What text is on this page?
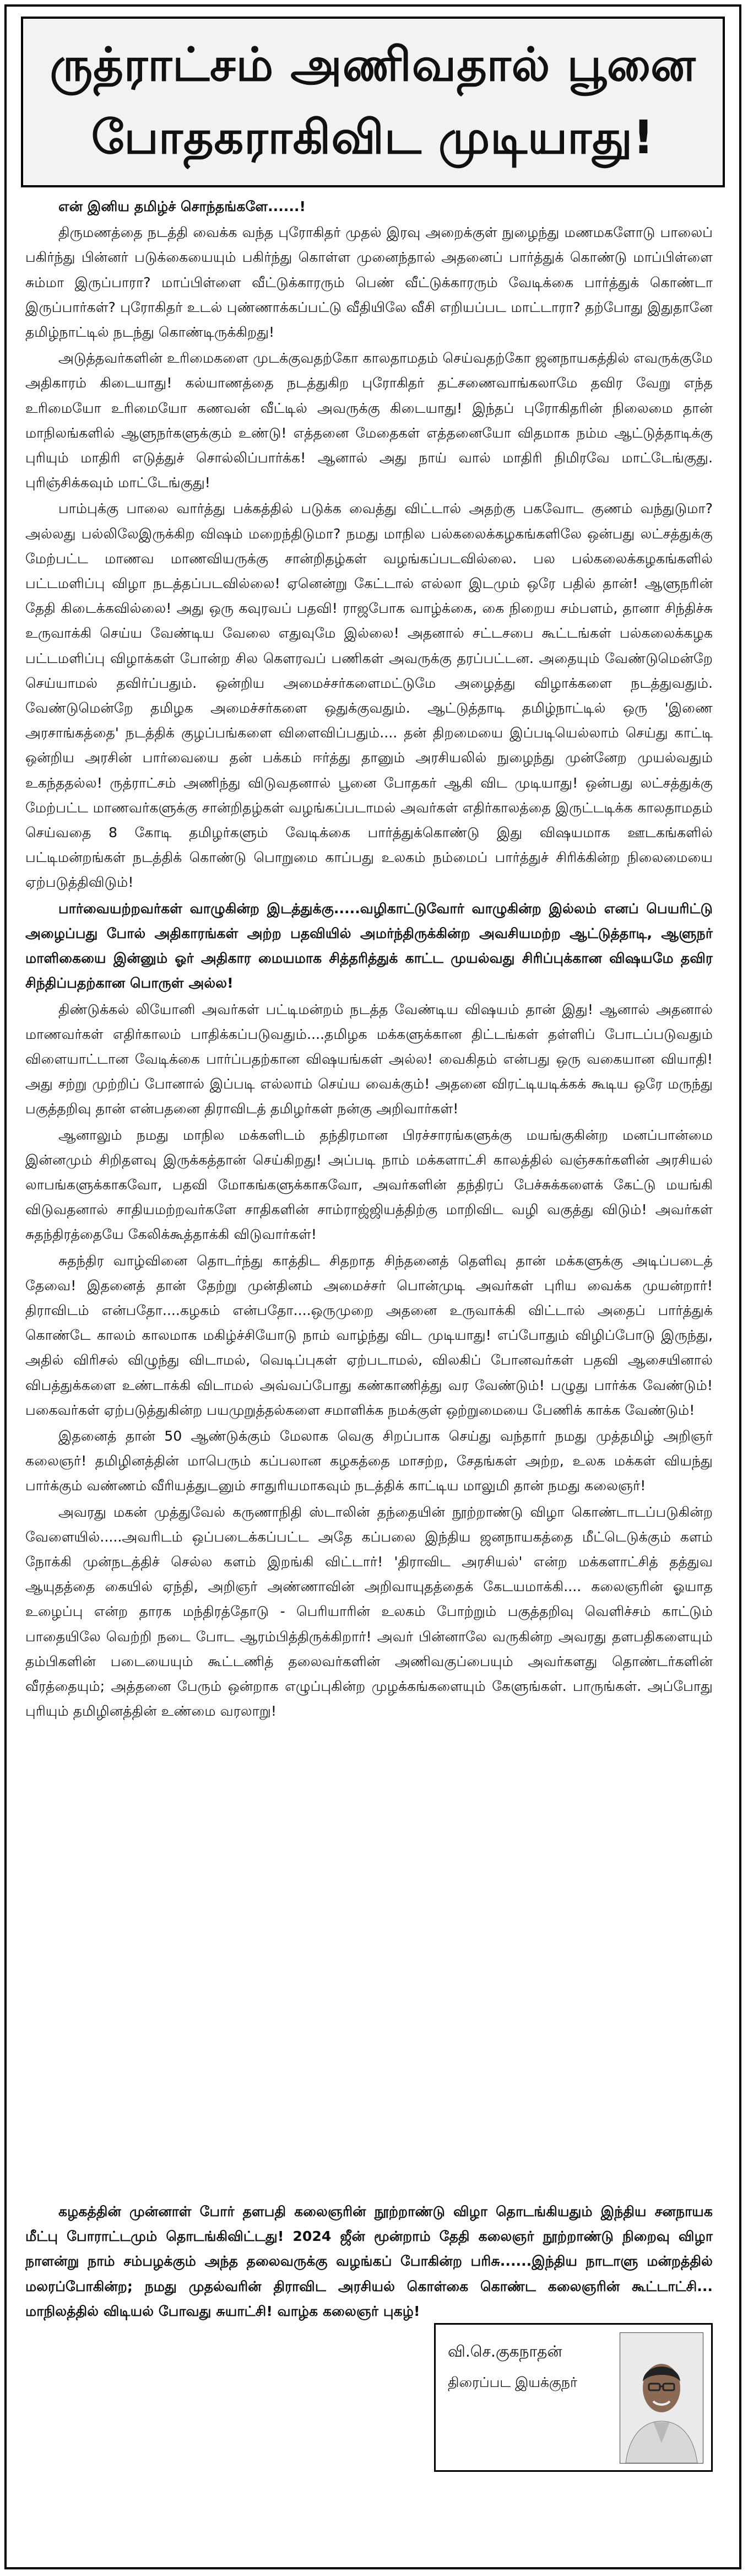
ருத்ராட்சம் அணிவதால் பூனை
போதகராகிவிட முடியாது!

என் இனிய தமிழ்ச் சொந்தங்களே......!

திருமணத்தை நடத்தி வைக்க வந்த புரோகிதர் முதல் இரவு அறைக்குள் நுழைந்து மணமகளோடு பாலைப் பகிர்ந்து பின்னர் படுக்கையையும் பகிர்ந்து கொள்ள முனைந்தால் அதனைப் பார்த்துக் கொண்டு மாப்பிள்ளை சும்மா இருப்பாரா? மாப்பிள்ளை வீட்டுக்காரரும் பெண் வீட்டுக்காரரும் வேடிக்கை பார்த்துக் கொண்டா இருப்பார்கள்? புரோகிதர் உடல் புண்ணாக்கப்பட்டு வீதியிலே வீசி எறியப்பட மாட்டாரா? தற்போது இதுதானே தமிழ்நாட்டில் நடந்து கொண்டிருக்கிறது!

அடுத்தவர்களின் உரிமைகளை முடக்குவதற்கோ காலதாமதம் செய்வதற்கோ ஜனநாயகத்தில் எவருக்குமே அதிகாரம் கிடையாது! கல்யாணத்தை நடத்துகிற புரோகிதர் தட்சணைவாங்கலாமே தவிர வேறு எந்த உரிமையோ உரிமையோ கணவன் வீட்டில் அவருக்கு கிடையாது! இந்தப் புரோகிதரின் நிலைமை தான் மாநிலங்களில் ஆளுநர்களுக்கும் உண்டு! எத்தனை மேதைகள் எத்தனையோ விதமாக நம்ம ஆட்டுத்தாடிக்கு புரியும் மாதிரி எடுத்துச் சொல்லிப்பார்க்க! ஆனால் அது நாய் வால் மாதிரி நிமிரவே மாட்டேங்குது. புரிஞ்சிக்கவும் மாட்டேங்குது!

பாம்புக்கு பாலை வார்த்து பக்கத்தில் படுக்க வைத்து விட்டால் அதற்கு பகவோட குணம் வந்துடுமா? அல்லது பல்லிலேஇருக்கிற விஷம் மறைந்திடுமா? நமது மாநில பல்கலைக்கழகங்களிலே ஒன்பது லட்சத்துக்கு மேற்பட்ட மாணவ மாணவியருக்கு சான்றிதழ்கள் வழங்கப்படவில்லை. பல பல்கலைக்கழகங்களில் பட்டமளிப்பு விழா நடத்தப்படவில்லை! ஏனென்று கேட்டால் எல்லா இடமும் ஒரே பதில் தான்! ஆளுநரின் தேதி கிடைக்கவில்லை! அது ஒரு கவுரவப் பதவி! ராஜபோக வாழ்க்கை, கை நிறைய சம்பளம், தானா சிந்திச்சு உருவாக்கி செய்ய வேண்டிய வேலை எதுவுமே இல்லை! அதனால் சட்டசபை கூட்டங்கள் பல்கலைக்கழக பட்டமளிப்பு விழாக்கள் போன்ற சில கௌரவப் பணிகள் அவருக்கு தரப்பட்டன. அதையும் வேண்டுமென்றே செய்யாமல் தவிர்ப்பதும். ஒன்றிய அமைச்சர்களைமட்டுமே அழைத்து விழாக்களை நடத்துவதும். வேண்டுமென்றே தமிழக அமைச்சர்களை ஒதுக்குவதும். ஆட்டுத்தாடி தமிழ்நாட்டில் ஒரு 'இணை அரசாங்கத்தை' நடத்திக் குழப்பங்களை விளைவிப்பதும்.... தன் திறமையை இப்படியெல்லாம் செய்து காட்டி ஒன்றிய அரசின் பார்வையை தன் பக்கம் ஈர்த்து தானும் அரசியலில் நுழைந்து முன்னேற முயல்வதும் உகந்ததல்ல! ருத்ராட்சம் அணிந்து விடுவதனால் பூனை போதகர் ஆகி விட முடியாது! ஒன்பது லட்சத்துக்கு மேற்பட்ட மாணவர்களுக்கு சான்றிதழ்கள் வழங்கப்படாமல் அவர்கள் எதிர்காலத்தை இருட்டடிக்க காலதாமதம் செய்வதை 8 கோடி தமிழர்களும் வேடிக்கை பார்த்துக்கொண்டு இது விஷயமாக ஊடகங்களில் பட்டிமன்றங்கள் நடத்திக் கொண்டு பொறுமை காப்பது உலகம் நம்மைப் பார்த்துச் சிரிக்கின்ற நிலைமையை ஏற்படுத்திவிடும்!

பார்வையற்றவர்கள் வாழுகின்ற இடத்துக்கு.....வழிகாட்டுவோர் வாழுகின்ற இல்லம் எனப் பெயரிட்டு அழைப்பது போல் அதிகாரங்கள் அற்ற பதவியில் அமர்ந்திருக்கின்ற அவசியமற்ற ஆட்டுத்தாடி, ஆளுநர் மாளிகையை இன்னும் ஓர் அதிகார மையமாக சித்தரித்துக் காட்ட முயல்வது சிரிப்புக்கான விஷயமே தவிர சிந்திப்பதற்கான பொருள் அல்ல!

திண்டுக்கல் லியோனி அவர்கள் பட்டிமன்றம் நடத்த வேண்டிய விஷயம் தான் இது! ஆனால் அதனால் மாணவர்கள் எதிர்காலம் பாதிக்கப்படுவதும்....தமிழக மக்களுக்கான திட்டங்கள் தள்ளிப் போடப்படுவதும் விளையாட்டான வேடிக்கை பார்ப்பதற்கான விஷயங்கள் அல்ல! வைகிதம் என்பது ஒரு வகையான வியாதி! அது சற்று முற்றிப் போனால் இப்படி எல்லாம் செய்ய வைக்கும்! அதனை விரட்டியடிக்கக் கூடிய ஒரே மருந்து பகுத்தறிவு தான் என்பதனை திராவிடத் தமிழர்கள் நன்கு அறிவார்கள்!

ஆனாலும் நமது மாநில மக்களிடம் தந்திரமான பிரச்சாரங்களுக்கு மயங்குகின்ற மனப்பான்மை இன்னமும் சிறிதளவு இருக்கத்தான் செய்கிறது! அப்படி நாம் மக்களாட்சி காலத்தில் வஞ்சகர்களின் அரசியல் லாபங்களுக்காகவோ, பதவி மோகங்களுக்காகவோ, அவர்களின் தந்திரப் பேச்சுக்களைக் கேட்டு மயங்கி விடுவதனால் சாதியமற்றவர்களே சாதிகளின் சாம்ராஜ்ஜியத்திற்கு மாறிவிட வழி வகுத்து விடும்! அவர்கள் சுதந்திரத்தையே கேலிக்கூத்தாக்கி விடுவார்கள்!

சுதந்திர வாழ்வினை தொடர்ந்து காத்திட சிதறாத சிந்தனைத் தெளிவு தான் மக்களுக்கு அடிப்படைத் தேவை! இதனைத் தான் தேற்று முன்தினம் அமைச்சர் பொன்முடி அவர்கள் புரிய வைக்க முயன்றார்! திராவிடம் என்பதோ....கழகம் என்பதோ....ஒருமுறை அதனை உருவாக்கி விட்டால் அதைப் பார்த்துக் கொண்டே காலம் காலமாக மகிழ்ச்சியோடு நாம் வாழ்ந்து விட முடியாது! எப்போதும் விழிப்போடு இருந்து, அதில் விரிசல் விழுந்து விடாமல், வெடிப்புகள் ஏற்படாமல், விலகிப் போனவர்கள் பதவி ஆசையினால் விபத்துக்களை உண்டாக்கி விடாமல் அவ்வப்போது கண்காணித்து வர வேண்டும்! பழுது பார்க்க வேண்டும்! பகைவர்கள் ஏற்படுத்துகின்ற பயமுறுத்தல்களை சமாளிக்க நமக்குள் ஒற்றுமையை பேணிக் காக்க வேண்டும்!

இதனைத் தான் 50 ஆண்டுக்கும் மேலாக வெகு சிறப்பாக செய்து வந்தார் நமது முத்தமிழ் அறிஞர் கலைஞர்! தமிழினத்தின் மாபெரும் கப்பலான கழகத்தை மாசற்ற, சேதங்கள் அற்ற, உலக மக்கள் வியந்து பார்க்கும் வண்ணம் வீரியத்துடனும் சாதுரியமாகவும் நடத்திக் காட்டிய மாலுமி தான் நமது கலைஞர்!

அவரது மகன் முத்துவேல் கருணாநிதி ஸ்டாலின் தந்தையின் நூற்றாண்டு விழா கொண்டாடப்படுகின்ற வேளையில்.....அவரிடம் ஒப்படைக்கப்பட்ட அதே கப்பலை இந்திய ஜனநாயகத்தை மீட்டெடுக்கும் களம் நோக்கி முன்நடத்திச் செல்ல களம் இறங்கி விட்டார்! 'திராவிட அரசியல்' என்ற மக்களாட்சித் தத்துவ ஆயுதத்தை கையில் ஏந்தி, அறிஞர் அண்ணாவின் அறிவாயுதத்தைக் கேடயமாக்கி.... கலைஞரின் ஓயாத உழைப்பு என்ற தாரக மந்திரத்தோடு - பெரியாரின் உலகம் போற்றும் பகுத்தறிவு வெளிச்சம் காட்டும் பாதையிலே வெற்றி நடை போட ஆரம்பித்திருக்கிறார்! அவர் பின்னாலே வருகின்ற அவரது தளபதிகளையும் தம்பிகளின் படையையும் கூட்டணித் தலைவர்களின் அணிவகுப்பையும் அவர்களது தொண்டர்களின் வீரத்தையும்; அத்தனை பேரும் ஒன்றாக எழுப்புகின்ற முழக்கங்களையும் கேளுங்கள். பாருங்கள். அப்போது புரியும் தமிழினத்தின் உண்மை வரலாறு!

கழகத்தின் முன்னாள் போர் தளபதி கலைஞரின் நூற்றாண்டு விழா தொடங்கியதும் இந்திய சனநாயக மீட்பு போராட்டமும் தொடங்கிவிட்டது! 2024 ஜீன் மூன்றாம் தேதி கலைஞர் நூற்றாண்டு நிறைவு விழா நாளன்று நாம் சம்பழக்கும் அந்த தலைவருக்கு வழங்கப் போகின்ற பரிசு......இந்திய நாடாளு மன்றத்தில் மலரப்போகின்ற; நமது முதல்வரின் திராவிட அரசியல் கொள்கை கொண்ட கலைஞரின் கூட்டாட்சி... மாநிலத்தில் விடியல் போவது சுயாட்சி! வாழ்க கலைஞர் புகழ்!
வி.செ.குகநாதன்
திரைப்பட இயக்குநர்
